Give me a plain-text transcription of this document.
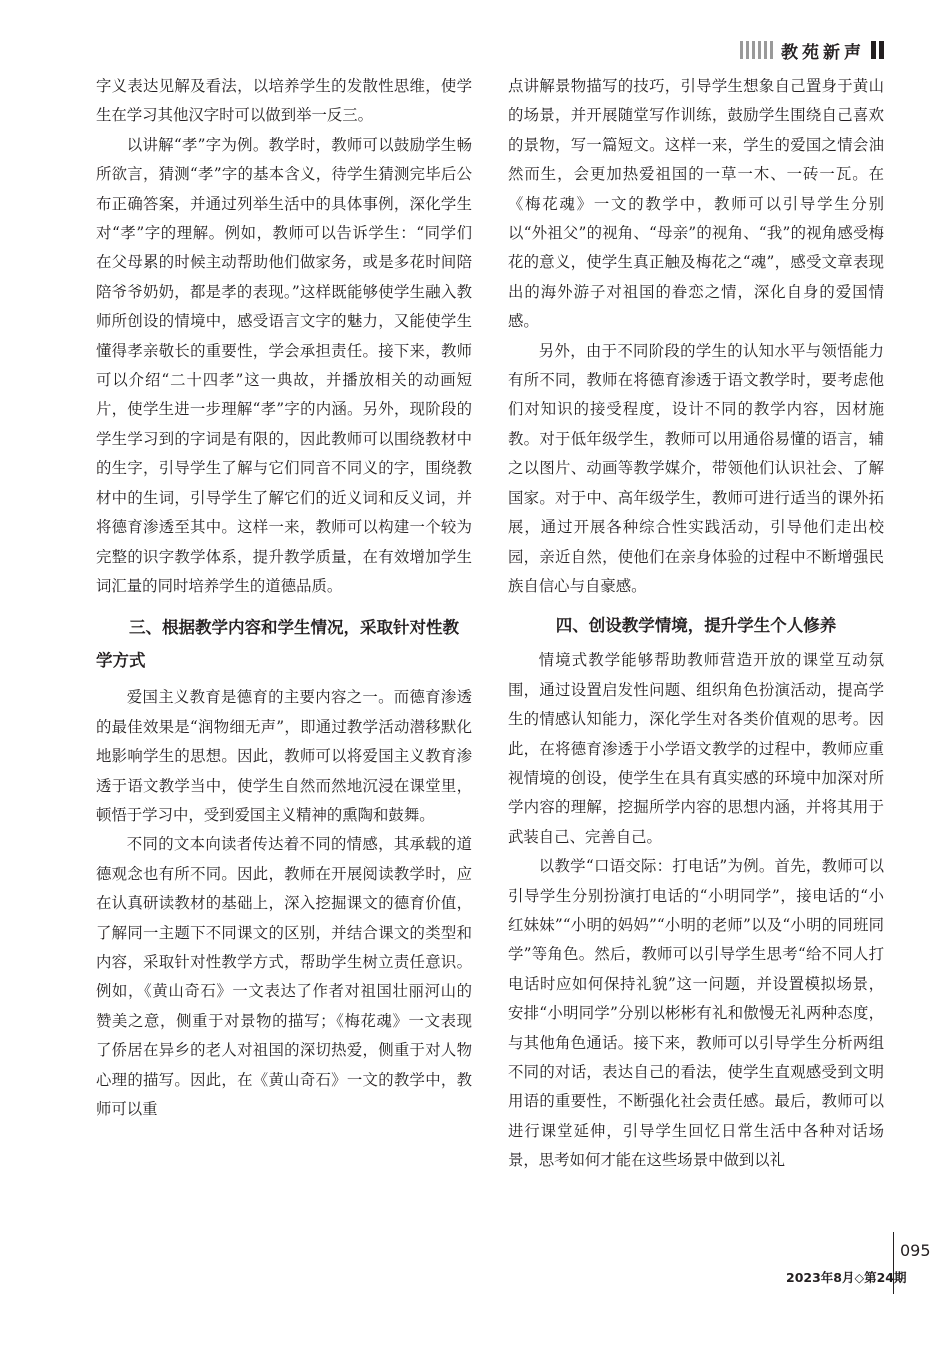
教苑新声

字义表达见解及看法，以培养学生的发散性思维，使学生在学习其他汉字时可以做到举一反三。

以讲解“孝”字为例。教学时，教师可以鼓励学生畅所欲言，猜测“孝”字的基本含义，待学生猜测完毕后公布正确答案，并通过列举生活中的具体事例，深化学生对“孝”字的理解。例如，教师可以告诉学生：“同学们在父母累的时候主动帮助他们做家务，或是多花时间陪陪爷爷奶奶，都是孝的表现。”这样既能够使学生融入教师所创设的情境中，感受语言文字的魅力，又能使学生懂得孝亲敬长的重要性，学会承担责任。接下来，教师可以介绍“二十四孝”这一典故，并播放相关的动画短片，使学生进一步理解“孝”字的内涵。另外，现阶段的学生学习到的字词是有限的，因此教师可以围绕教材中的生字，引导学生了解与它们同音不同义的字，围绕教材中的生词，引导学生了解它们的近义词和反义词，并将德育渗透至其中。这样一来，教师可以构建一个较为完整的识字教学体系，提升教学质量，在有效增加学生词汇量的同时培养学生的道德品质。

三、根据教学内容和学生情况，采取针对性教学方式

爱国主义教育是德育的主要内容之一。而德育渗透的最佳效果是“润物细无声”，即通过教学活动潜移默化地影响学生的思想。因此，教师可以将爱国主义教育渗透于语文教学当中，使学生自然而然地沉浸在课堂里，顿悟于学习中，受到爱国主义精神的熏陶和鼓舞。

不同的文本向读者传达着不同的情感，其承载的道德观念也有所不同。因此，教师在开展阅读教学时，应在认真研读教材的基础上，深入挖掘课文的德育价值，了解同一主题下不同课文的区别，并结合课文的类型和内容，采取针对性教学方式，帮助学生树立责任意识。例如，《黄山奇石》一文表达了作者对祖国壮丽河山的赞美之意，侧重于对景物的描写；《梅花魂》一文表现了侨居在异乡的老人对祖国的深切热爱，侧重于对人物心理的描写。因此，在《黄山奇石》一文的教学中，教师可以重

点讲解景物描写的技巧，引导学生想象自己置身于黄山的场景，并开展随堂写作训练，鼓励学生围绕自己喜欢的景物，写一篇短文。这样一来，学生的爱国之情会油然而生，会更加热爱祖国的一草一木、一砖一瓦。在《梅花魂》一文的教学中，教师可以引导学生分别以“外祖父”的视角、“母亲”的视角、“我”的视角感受梅花的意义，使学生真正触及梅花之“魂”，感受文章表现出的海外游子对祖国的眷恋之情，深化自身的爱国情感。

另外，由于不同阶段的学生的认知水平与领悟能力有所不同，教师在将德育渗透于语文教学时，要考虑他们对知识的接受程度，设计不同的教学内容，因材施教。对于低年级学生，教师可以用通俗易懂的语言，辅之以图片、动画等教学媒介，带领他们认识社会、了解国家。对于中、高年级学生，教师可进行适当的课外拓展，通过开展各种综合性实践活动，引导他们走出校园，亲近自然，使他们在亲身体验的过程中不断增强民族自信心与自豪感。

四、创设教学情境，提升学生个人修养

情境式教学能够帮助教师营造开放的课堂互动氛围，通过设置启发性问题、组织角色扮演活动，提高学生的情感认知能力，深化学生对各类价值观的思考。因此，在将德育渗透于小学语文教学的过程中，教师应重视情境的创设，使学生在具有真实感的环境中加深对所学内容的理解，挖掘所学内容的思想内涵，并将其用于武装自己、完善自己。

以教学“口语交际：打电话”为例。首先，教师可以引导学生分别扮演打电话的“小明同学”，接电话的“小红妹妹”“小明的妈妈”“小明的老师”以及“小明的同班同学”等角色。然后，教师可以引导学生思考“给不同人打电话时应如何保持礼貌”这一问题，并设置模拟场景，安排“小明同学”分别以彬彬有礼和傲慢无礼两种态度，与其他角色通话。接下来，教师可以引导学生分析两组不同的对话，表达自己的看法，使学生直观感受到文明用语的重要性，不断强化社会责任感。最后，教师可以进行课堂延伸，引导学生回忆日常生活中各种对话场景，思考如何才能在这些场景中做到以礼

095
2023年8月◇第24期
